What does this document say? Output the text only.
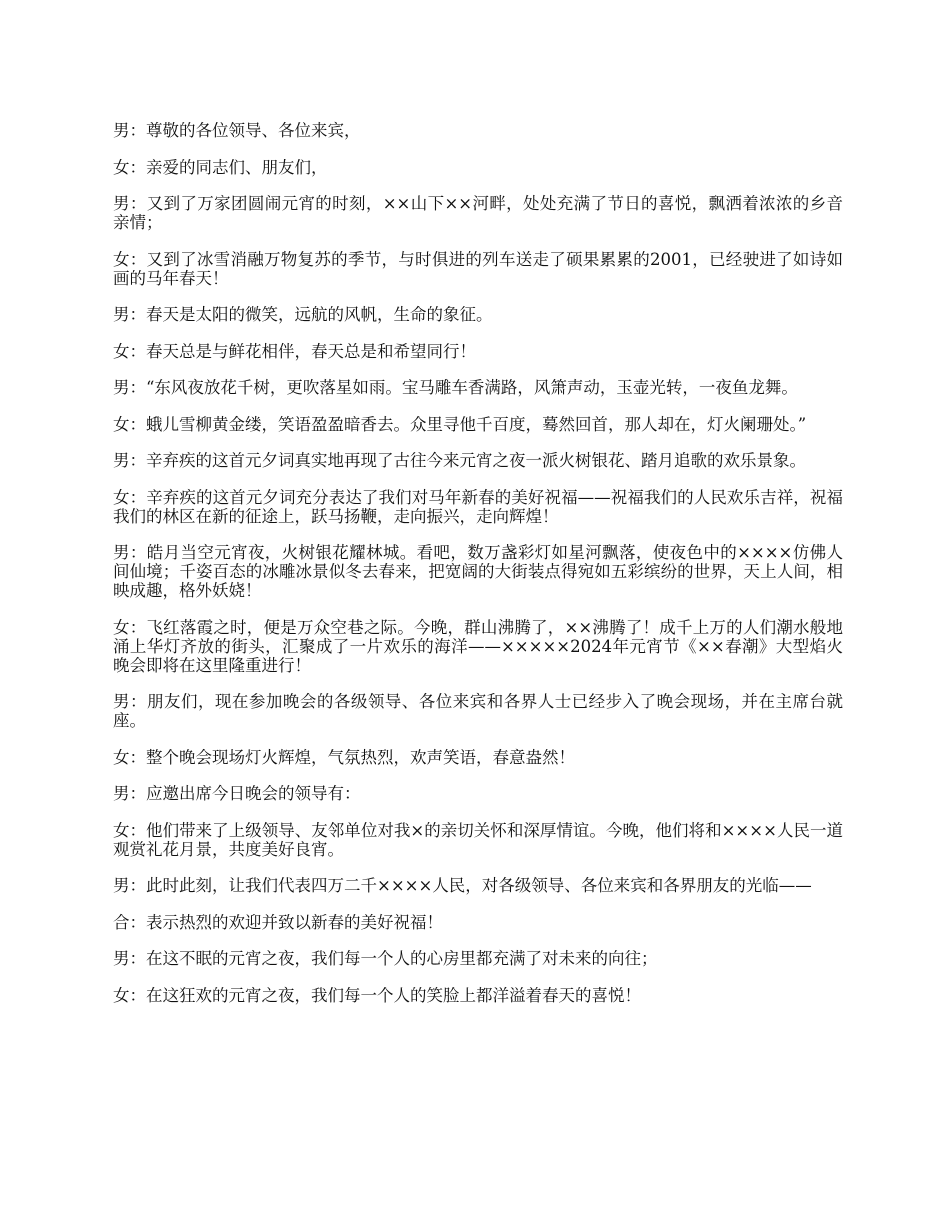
男：尊敬的各位领导、各位来宾，

女：亲爱的同志们、朋友们，

男：又到了万家团圆闹元宵的时刻，××山下××河畔，处处充满了节日的喜悦，飘洒着浓浓的乡音亲情；

女：又到了冰雪消融万物复苏的季节，与时俱进的列车送走了硕果累累的2001，已经驶进了如诗如画的马年春天！

男：春天是太阳的微笑，远航的风帆，生命的象征。

女：春天总是与鲜花相伴，春天总是和希望同行！

男：“东风夜放花千树，更吹落星如雨。宝马雕车香满路，风箫声动，玉壶光转，一夜鱼龙舞。

女：蛾儿雪柳黄金缕，笑语盈盈暗香去。众里寻他千百度，蓦然回首，那人却在，灯火阑珊处。”

男：辛弃疾的这首元夕词真实地再现了古往今来元宵之夜一派火树银花、踏月追歌的欢乐景象。

女：辛弃疾的这首元夕词充分表达了我们对马年新春的美好祝福——祝福我们的人民欢乐吉祥，祝福我们的林区在新的征途上，跃马扬鞭，走向振兴，走向辉煌！

男：皓月当空元宵夜，火树银花耀林城。看吧，数万盏彩灯如星河飘落，使夜色中的××××仿佛人间仙境；千姿百态的冰雕冰景似冬去春来，把宽阔的大街装点得宛如五彩缤纷的世界，天上人间，相映成趣，格外妖娆！

女：飞红落霞之时，便是万众空巷之际。今晚，群山沸腾了，××沸腾了！成千上万的人们潮水般地涌上华灯齐放的街头，汇聚成了一片欢乐的海洋——×××××2024年元宵节《××春潮》大型焰火晚会即将在这里隆重进行！

男：朋友们，现在参加晚会的各级领导、各位来宾和各界人士已经步入了晚会现场，并在主席台就座。

女：整个晚会现场灯火辉煌，气氛热烈，欢声笑语，春意盎然！

男：应邀出席今日晚会的领导有：

女：他们带来了上级领导、友邻单位对我×的亲切关怀和深厚情谊。今晚，他们将和××××人民一道观赏礼花月景，共度美好良宵。

男：此时此刻，让我们代表四万二千××××人民，对各级领导、各位来宾和各界朋友的光临——

合：表示热烈的欢迎并致以新春的美好祝福！

男：在这不眠的元宵之夜，我们每一个人的心房里都充满了对未来的向往；

女：在这狂欢的元宵之夜，我们每一个人的笑脸上都洋溢着春天的喜悦！
